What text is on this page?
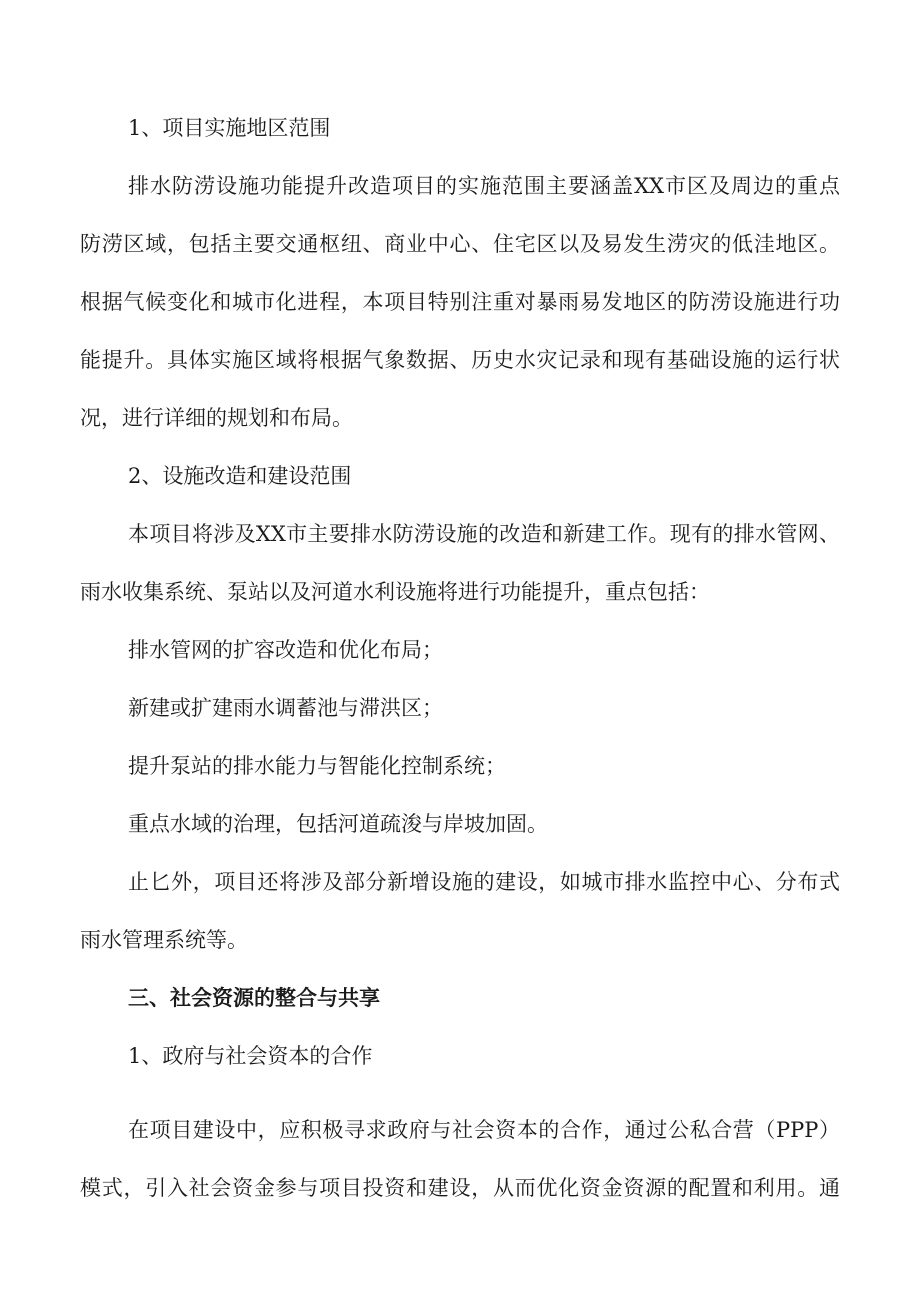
1、项目实施地区范围
排水防涝设施功能提升改造项目的实施范围主要涵盖XX市区及周边的重点
防涝区域，包括主要交通枢纽、商业中心、住宅区以及易发生涝灾的低洼地区。
根据气候变化和城市化进程，本项目特别注重对暴雨易发地区的防涝设施进行功
能提升。具体实施区域将根据气象数据、历史水灾记录和现有基础设施的运行状
况，进行详细的规划和布局。
2、设施改造和建设范围
本项目将涉及XX市主要排水防涝设施的改造和新建工作。现有的排水管网、
雨水收集系统、泵站以及河道水利设施将进行功能提升，重点包括：
排水管网的扩容改造和优化布局；
新建或扩建雨水调蓄池与滞洪区；
提升泵站的排水能力与智能化控制系统；
重点水域的治理，包括河道疏浚与岸坡加固。
止匕外，项目还将涉及部分新增设施的建设，如城市排水监控中心、分布式
雨水管理系统等。
三、社会资源的整合与共享
1、政府与社会资本的合作
在项目建设中，应积极寻求政府与社会资本的合作，通过公私合营（PPP）
模式，引入社会资金参与项目投资和建设，从而优化资金资源的配置和利用。通
